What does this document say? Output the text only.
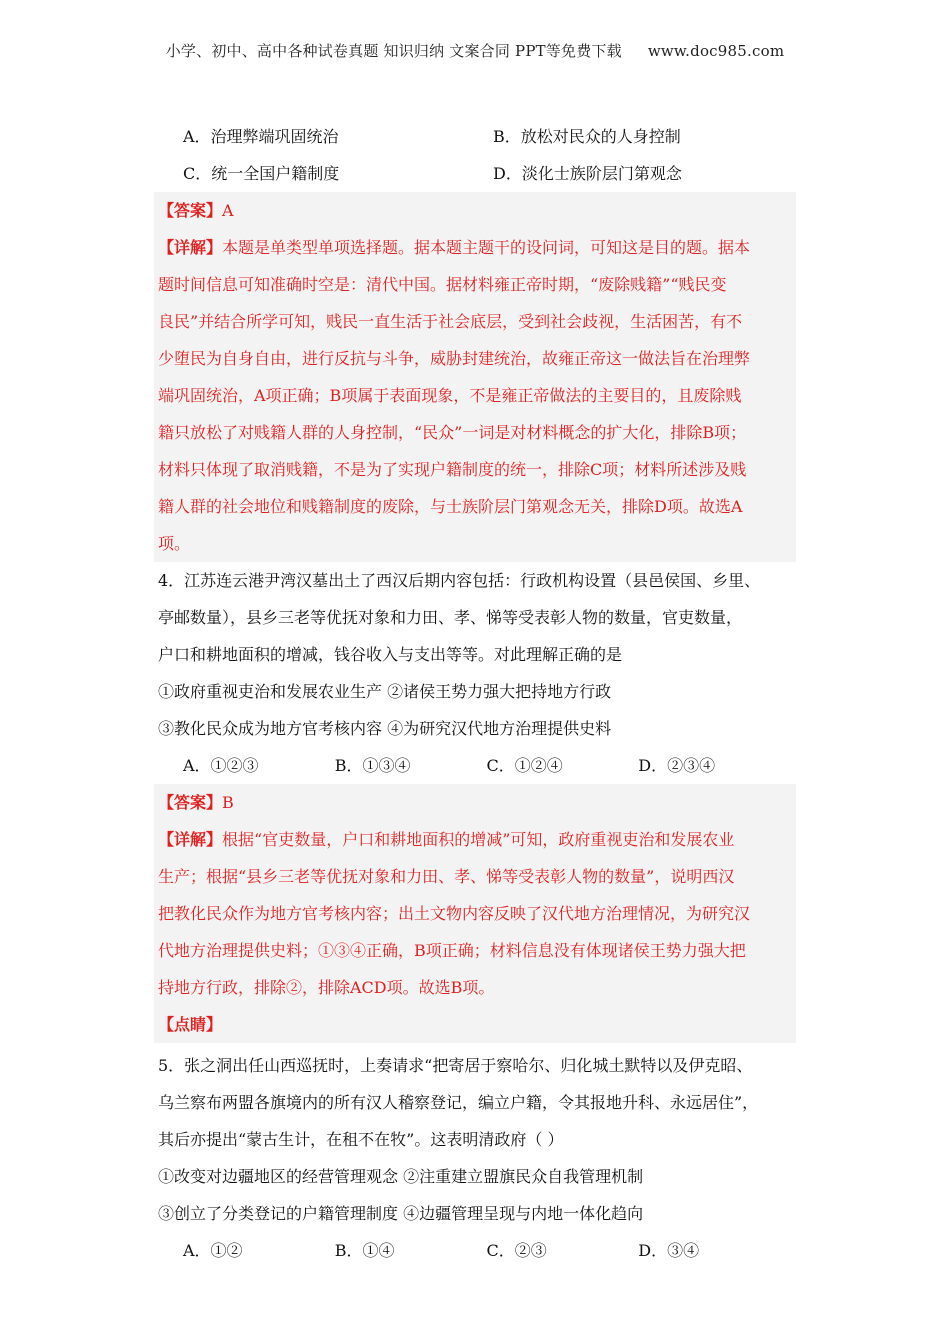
小学、初中、高中各种试卷真题 知识归纳 文案合同 PPT等免费下载 www.doc985.com
A．治理弊端巩固统治	B．放松对民众的人身控制
C．统一全国户籍制度	D．淡化士族阶层门第观念
【答案】A
【详解】本题是单类型单项选择题。据本题主题干的设问词，可知这是目的题。据本
题时间信息可知准确时空是：清代中国。据材料雍正帝时期，“废除贱籍”“贱民变
良民”并结合所学可知，贱民一直生活于社会底层，受到社会歧视，生活困苦，有不
少堕民为自身自由，进行反抗与斗争，威胁封建统治，故雍正帝这一做法旨在治理弊
端巩固统治，A项正确；B项属于表面现象，不是雍正帝做法的主要目的，且废除贱
籍只放松了对贱籍人群的人身控制，“民众”一词是对材料概念的扩大化，排除B项；
材料只体现了取消贱籍，不是为了实现户籍制度的统一，排除C项；材料所述涉及贱
籍人群的社会地位和贱籍制度的废除，与士族阶层门第观念无关，排除D项。故选A
项。
4．江苏连云港尹湾汉墓出土了西汉后期内容包括：行政机构设置（县邑侯国、乡里、
亭邮数量），县乡三老等优抚对象和力田、孝、悌等受表彰人物的数量，官吏数量，
户口和耕地面积的增减，钱谷收入与支出等等。对此理解正确的是
①政府重视吏治和发展农业生产 ②诸侯王势力强大把持地方行政
③教化民众成为地方官考核内容 ④为研究汉代地方治理提供史料
A．①②③	B．①③④	C．①②④	D．②③④
【答案】B
【详解】根据“官吏数量，户口和耕地面积的增减”可知，政府重视吏治和发展农业
生产；根据“县乡三老等优抚对象和力田、孝、悌等受表彰人物的数量”，说明西汉
把教化民众作为地方官考核内容；出土文物内容反映了汉代地方治理情况，为研究汉
代地方治理提供史料；①③④正确，B项正确；材料信息没有体现诸侯王势力强大把
持地方行政，排除②，排除ACD项。故选B项。
【点睛】
5．张之洞出任山西巡抚时，上奏请求“把寄居于察哈尔、归化城土默特以及伊克昭、
乌兰察布两盟各旗境内的所有汉人稽察登记，编立户籍，令其报地升科、永远居住”，
其后亦提出“蒙古生计，在租不在牧”。这表明清政府（ ）
①改变对边疆地区的经营管理观念 ②注重建立盟旗民众自我管理机制
③创立了分类登记的户籍管理制度 ④边疆管理呈现与内地一体化趋向
A．①②	B．①④	C．②③	D．③④
